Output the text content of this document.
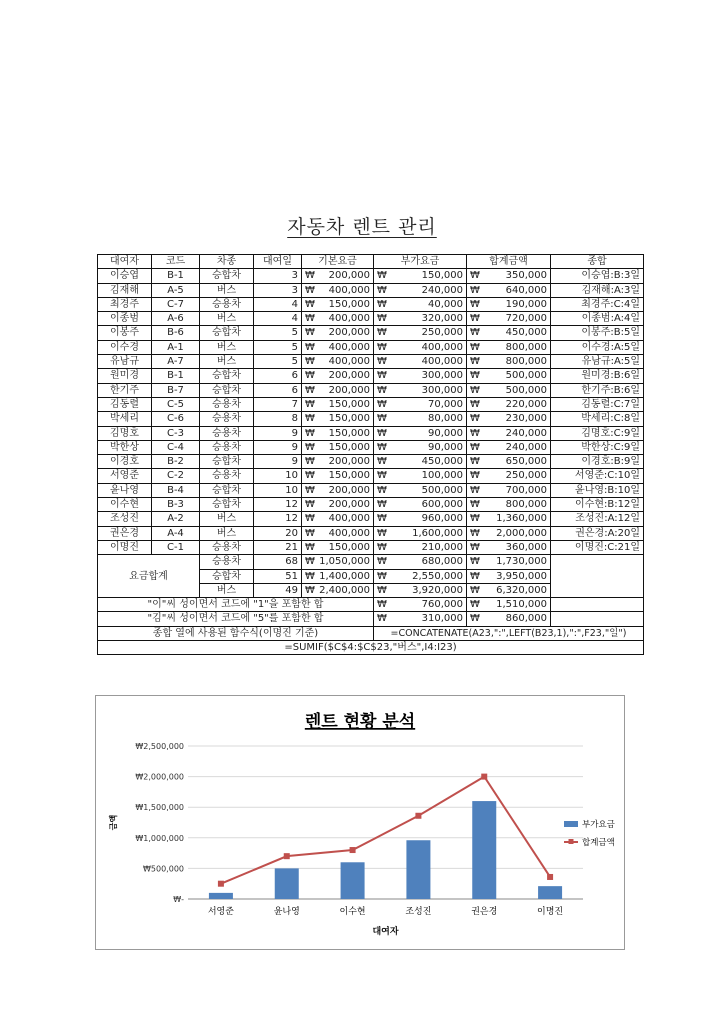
자동차 렌트 관리
대여자	코드	차종	대여일	기본요금	부가요금	합계금액	종합
이승엽	B-1	승합차	3	₩ 200,000	₩ 150,000	₩ 350,000	이승엽:B:3일
김재해	A-5	버스	3	₩ 400,000	₩ 240,000	₩ 640,000	김재해:A:3일
최경주	C-7	승용차	4	₩ 150,000	₩ 40,000	₩ 190,000	최경주:C:4일
이종범	A-6	버스	4	₩ 400,000	₩ 320,000	₩ 720,000	이종범:A:4일
이봉주	B-6	승합차	5	₩ 200,000	₩ 250,000	₩ 450,000	이봉주:B:5일
이수경	A-1	버스	5	₩ 400,000	₩ 400,000	₩ 800,000	이수경:A:5일
유남규	A-7	버스	5	₩ 400,000	₩ 400,000	₩ 800,000	유남규:A:5일
원미경	B-1	승합차	6	₩ 200,000	₩ 300,000	₩ 500,000	원미경:B:6일
한기주	B-7	승합차	6	₩ 200,000	₩ 300,000	₩ 500,000	한기주:B:6일
김동렬	C-5	승용차	7	₩ 150,000	₩ 70,000	₩ 220,000	김동렬:C:7일
박세리	C-6	승용차	8	₩ 150,000	₩ 80,000	₩ 230,000	박세리:C:8일
김명호	C-3	승용차	9	₩ 150,000	₩ 90,000	₩ 240,000	김명호:C:9일
박한상	C-4	승용차	9	₩ 150,000	₩ 90,000	₩ 240,000	박한상:C:9일
이경호	B-2	승합차	9	₩ 200,000	₩ 450,000	₩ 650,000	이경호:B:9일
서영준	C-2	승용차	10	₩ 150,000	₩ 100,000	₩ 250,000	서영준:C:10일
윤나영	B-4	승합차	10	₩ 200,000	₩ 500,000	₩ 700,000	윤나영:B:10일
이수현	B-3	승합차	12	₩ 200,000	₩ 600,000	₩ 800,000	이수현:B:12일
조성진	A-2	버스	12	₩ 400,000	₩ 960,000	₩ 1,360,000	조성진:A:12일
권은경	A-4	버스	20	₩ 400,000	₩ 1,600,000	₩ 2,000,000	권은경:A:20일
이명진	C-1	승용차	21	₩ 150,000	₩ 210,000	₩ 360,000	이명진:C:21일
요금합계		승용차	68	₩ 1,050,000	₩ 680,000	₩ 1,730,000	

		승합차	51	₩ 1,400,000	₩ 2,550,000	₩ 3,950,000	

		버스	49	₩ 2,400,000	₩ 3,920,000	₩ 6,320,000	

"이"씨 성이면서 코드에 "1"을 포함한 합					₩ 760,000	₩ 1,510,000	

"김"씨 성이면서 코드에 "5"를 포함한 합					₩ 310,000	₩ 860,000	

종합 열에 사용된 함수식(이명진 기준)					=CONCATENATE(A23,":",LEFT(B23,1),":",F23,"일")		
=SUMIF($C$4:$C$23,"버스",I4:I23)							
렌트 현황 분석
₩-
₩500,000
₩1,000,000
₩1,500,000
₩2,000,000
₩2,500,000
금액
서영준	윤나영	이수현	조성진	권은경	이명진
대여자
부가요금
합계금액
